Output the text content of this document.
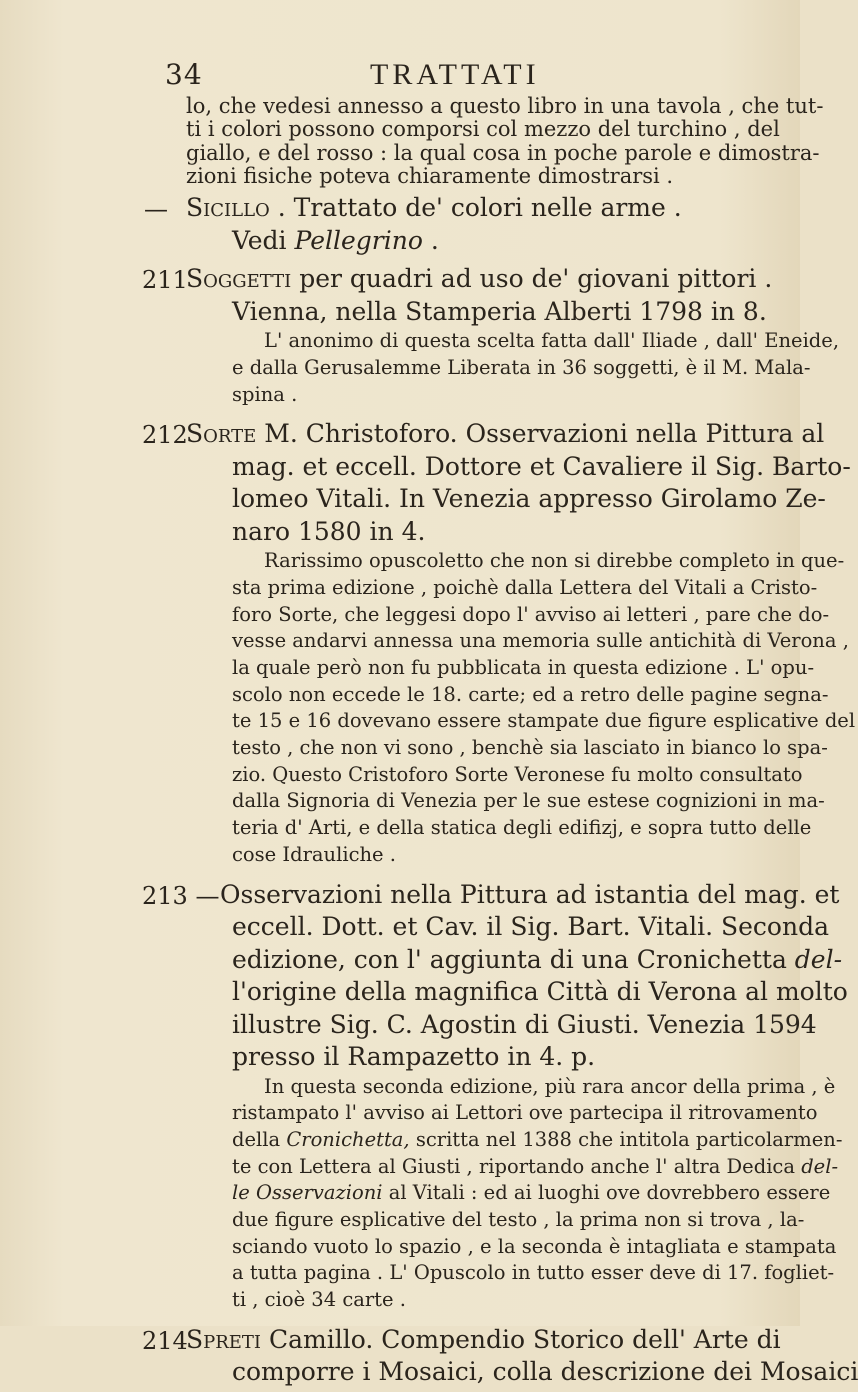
34	TRATTATI
lo, che vedesi annesso a questo libro in una tavola , che tut-
ti i colori possono comporsi col mezzo del turchino , del
giallo, e del rosso : la qual cosa in poche parole e dimostra-
zioni fisiche poteva chiaramente dimostrarsi .
— Sicillo . Trattato de' colori nelle arme .
Vedi Pellegrino .
211
Soggetti per quadri ad uso de' giovani pittori .
Vienna, nella Stamperia Alberti 1798 in 8.
L' anonimo di questa scelta fatta dall' Iliade , dall' Eneide,
e dalla Gerusalemme Liberata in 36 soggetti, è il M. Mala-
spina .
212
Sorte M. Christoforo. Osservazioni nella Pittura al
mag. et eccell. Dottore et Cavaliere il Sig. Barto-
lomeo Vitali. In Venezia appresso Girolamo Ze-
naro 1580 in 4.
Rarissimo opuscoletto che non si direbbe completo in que-
sta prima edizione , poichè dalla Lettera del Vitali a Cristo-
foro Sorte, che leggesi dopo l' avviso ai letteri , pare che do-
vesse andarvi annessa una memoria sulle antichità di Verona ,
la quale però non fu pubblicata in questa edizione . L' opu-
scolo non eccede le 18. carte; ed a retro delle pagine segna-
te 15 e 16 dovevano essere stampate due figure esplicative del
testo , che non vi sono , benchè sia lasciato in bianco lo spa-
zio. Questo Cristoforo Sorte Veronese fu molto consultato
dalla Signoria di Venezia per le sue estese cognizioni in ma-
teria d' Arti, e della statica degli edifizj, e sopra tutto delle
cose Idrauliche .
213 — Osservazioni nella Pittura ad istantia del mag. et
eccell. Dott. et Cav. il Sig. Bart. Vitali. Seconda
edizione, con l' aggiunta di una Cronichetta del-
l'origine della magnifica Città di Verona al molto
illustre Sig. C. Agostin di Giusti. Venezia 1594
presso il Rampazetto in 4. p.
In questa seconda edizione, più rara ancor della prima , è
ristampato l' avviso ai Lettori ove partecipa il ritrovamento
della Cronichetta, scritta nel 1388 che intitola particolarmen-
te con Lettera al Giusti , riportando anche l' altra Dedica del-
le Osservazioni al Vitali : ed ai luoghi ove dovrebbero essere
due figure esplicative del testo , la prima non si trova , la-
sciando vuoto lo spazio , e la seconda è intagliata e stampata
a tutta pagina . L' Opuscolo in tutto esser deve di 17. fogliet-
ti , cioè 34 carte .
214
Spreti Camillo. Compendio Storico dell' Arte di
comporre i Mosaici, colla descrizione dei Mosaici
